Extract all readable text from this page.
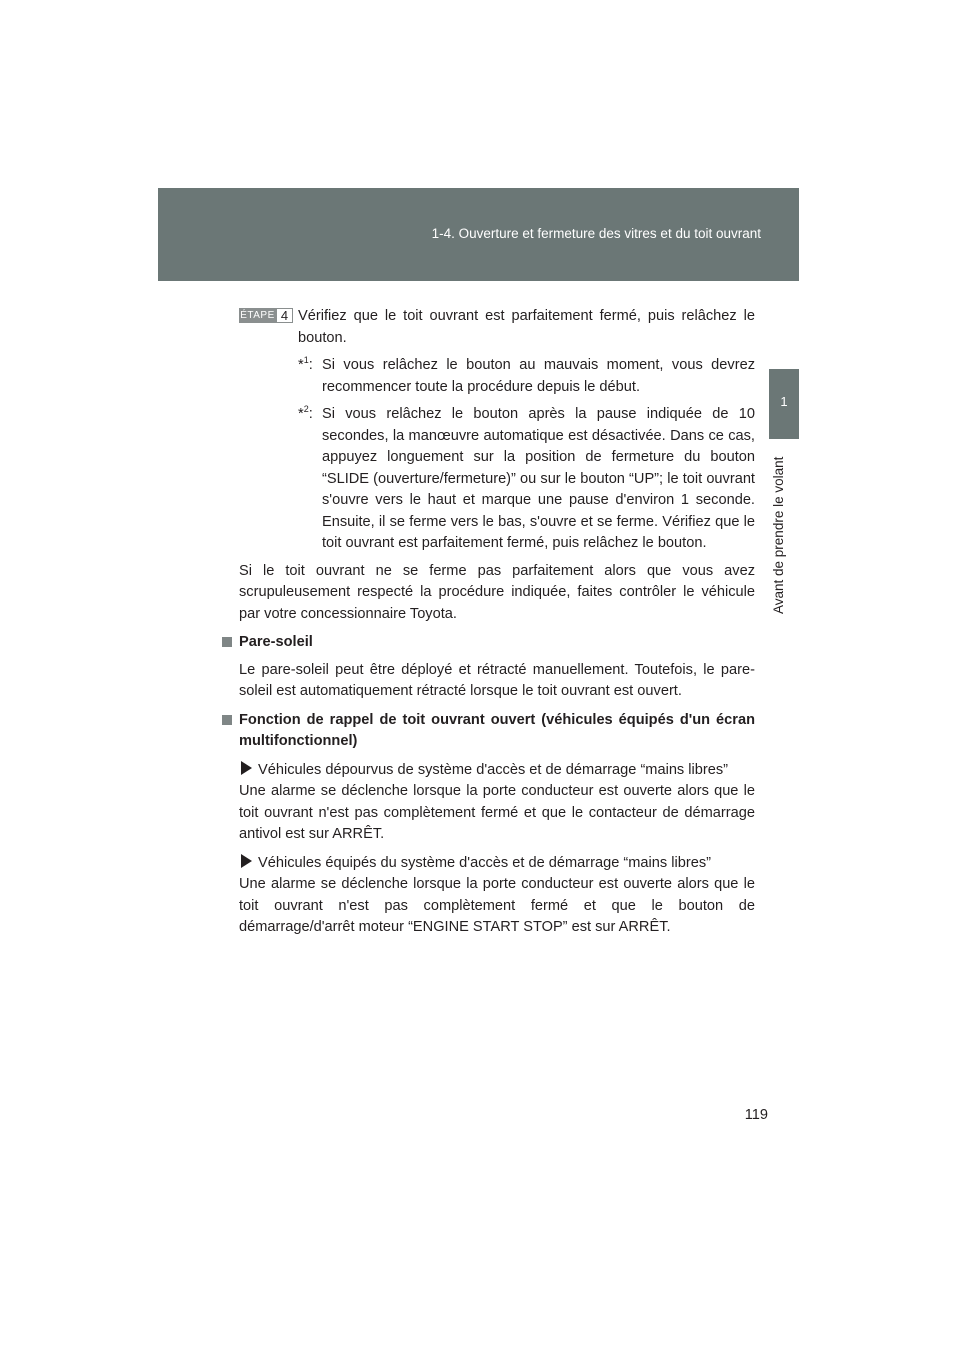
1-4. Ouverture et fermeture des vitres et du toit ouvrant
1
Avant de prendre le volant
ÉTAPE 4 Vérifiez que le toit ouvrant est parfaitement fermé, puis relâchez le bouton.

*$^1$: Si vous relâchez le bouton au mauvais moment, vous devrez recommencer toute la procédure depuis le début.

*$^2$: Si vous relâchez le bouton après la pause indiquée de 10 secondes, la manœuvre automatique est désactivée. Dans ce cas, appuyez longuement sur la position de fermeture du bouton “SLIDE (ouverture/fermeture)” ou sur le bouton “UP”; le toit ouvrant s'ouvre vers le haut et marque une pause d'environ 1 seconde. Ensuite, il se ferme vers le bas, s'ouvre et se ferme. Vérifiez que le toit ouvrant est parfaitement fermé, puis relâchez le bouton.

Si le toit ouvrant ne se ferme pas parfaitement alors que vous avez scrupuleusement respecté la procédure indiquée, faites contrôler le véhicule par votre concessionnaire Toyota.

Pare-soleil

Le pare-soleil peut être déployé et rétracté manuellement. Toutefois, le pare-soleil est automatiquement rétracté lorsque le toit ouvrant est ouvert.

Fonction de rappel de toit ouvrant ouvert (véhicules équipés d'un écran multifonctionnel)
Véhicules dépourvus de système d'accès et de démarrage “mains libres”

Une alarme se déclenche lorsque la porte conducteur est ouverte alors que le toit ouvrant n'est pas complètement fermé et que le contacteur de démarrage antivol est sur ARRÊT.

Véhicules équipés du système d'accès et de démarrage “mains libres”

Une alarme se déclenche lorsque la porte conducteur est ouverte alors que le toit ouvrant n'est pas complètement fermé et que le bouton de démarrage/d'arrêt moteur “ENGINE START STOP” est sur ARRÊT.

119
